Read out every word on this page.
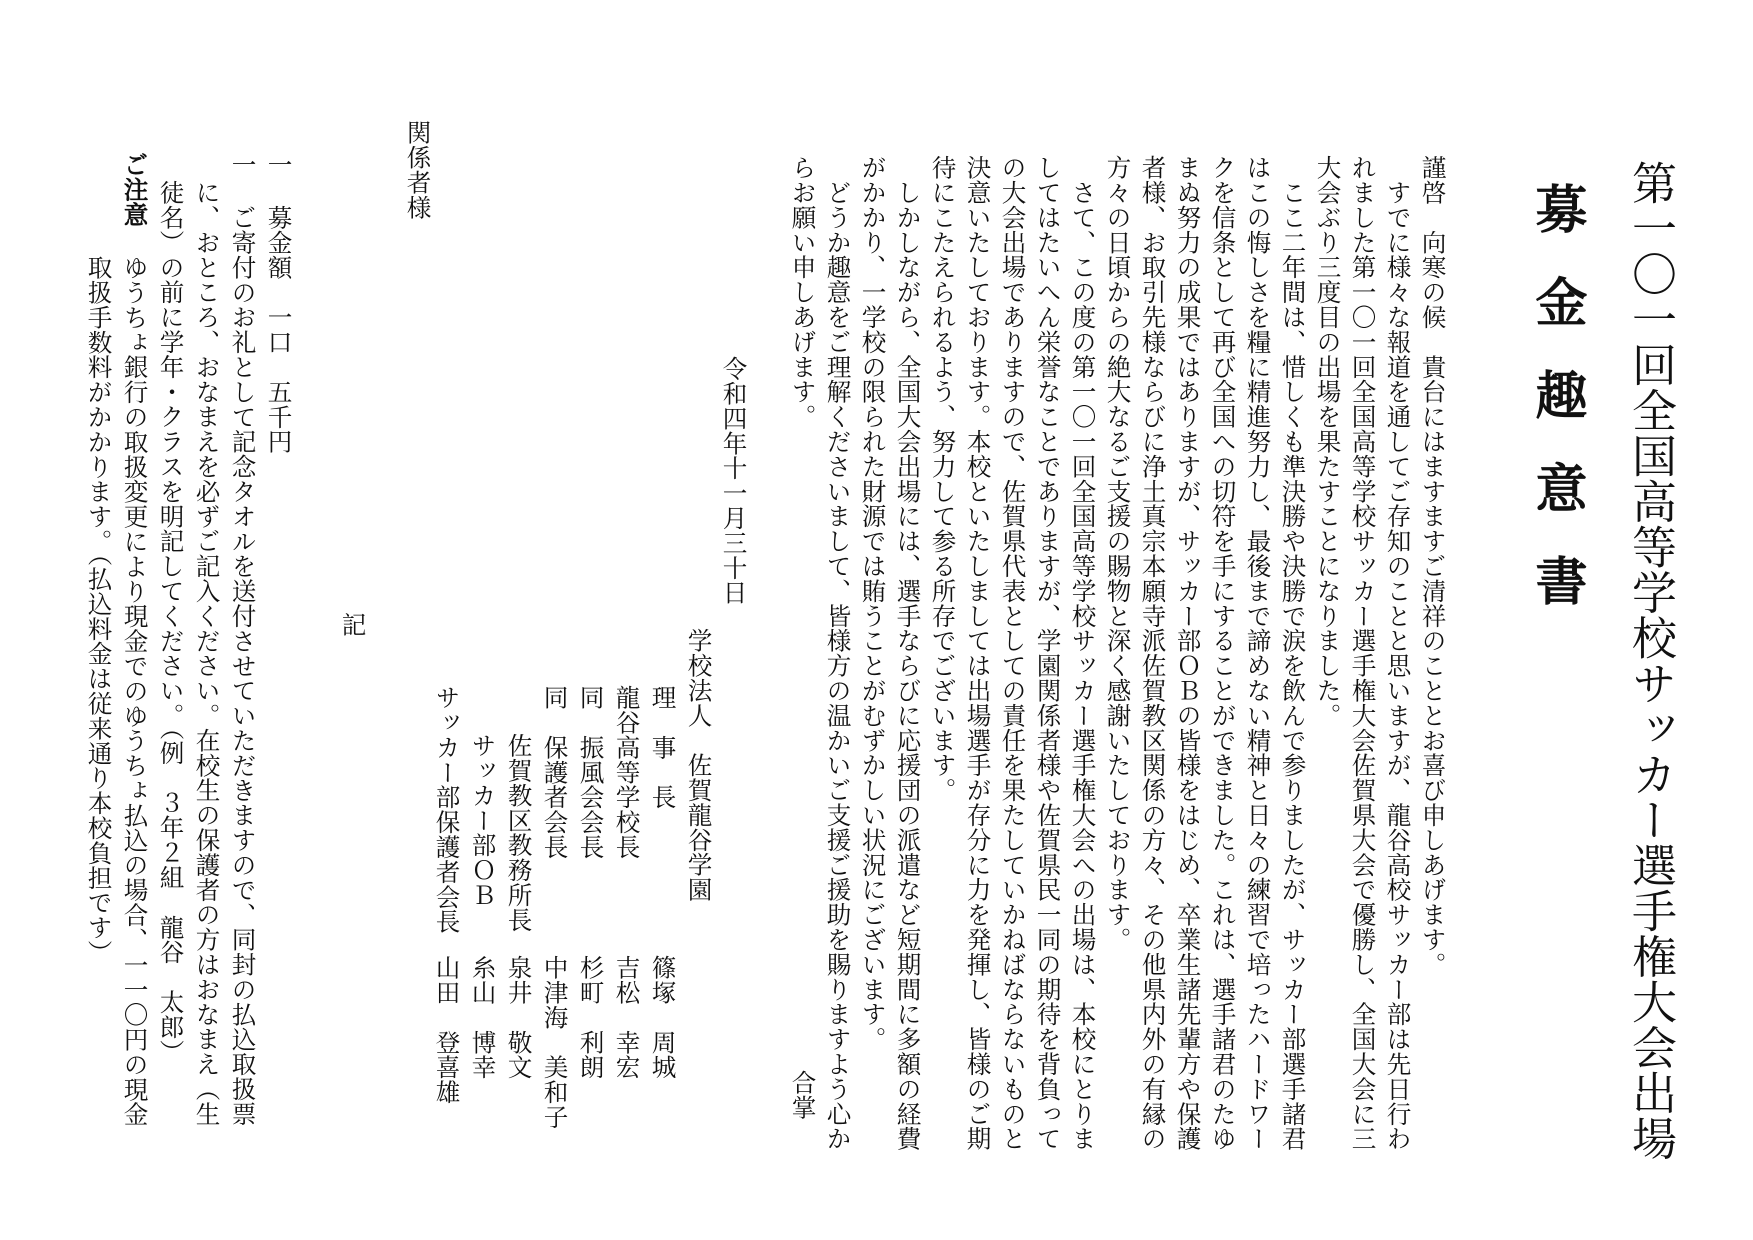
第一〇一回全国高等学校サッカー選手権大会出場
募金趣意書
謹啓　向寒の候　貴台にはますますご清祥のこととお喜び申しあげます。
　すでに様々な報道を通してご存知のことと思いますが、龍谷高校サッカー部は先日行わ
れました第一〇一回全国高等学校サッカー選手権大会佐賀県大会で優勝し、全国大会に三
大会ぶり三度目の出場を果たすことになりました。
　ここ二年間は、惜しくも準決勝や決勝で涙を飲んで参りましたが、サッカー部選手諸君
はこの悔しさを糧に精進努力し、最後まで諦めない精神と日々の練習で培ったハードワー
クを信条として再び全国への切符を手にすることができました。これは、選手諸君のたゆ
まぬ努力の成果ではありますが、サッカー部ＯＢの皆様をはじめ、卒業生諸先輩方や保護
者様、お取引先様ならびに浄土真宗本願寺派佐賀教区関係の方々、その他県内外の有縁の
方々の日頃からの絶大なるご支援の賜物と深く感謝いたしております。
　さて、この度の第一〇一回全国高等学校サッカー選手権大会への出場は、本校にとりま
してはたいへん栄誉なことでありますが、学園関係者様や佐賀県民一同の期待を背負って
の大会出場でありますので、佐賀県代表としての責任を果たしていかねばならないものと
決意いたしております。本校といたしましては出場選手が存分に力を発揮し、皆様のご期
待にこたえられるよう、努力して参る所存でございます。
　しかしながら、全国大会出場には、選手ならびに応援団の派遣など短期間に多額の経費
がかかり、一学校の限られた財源では賄うことがむずかしい状況にございます。
　どうか趣意をご理解くださいまして、皆様方の温かいご支援ご援助を賜りますよう心か
らお願い申しあげます。
合掌
令和四年十一月三十日
学校法人　佐賀龍谷学園
理　事　長
篠塚　周城
龍谷高等学校長
吉松　幸宏
同　振風会会長
杉町　利朗
同　保護者会長
中津海　美和子
佐賀教区教務所長
泉井　敬文
サッカー部ＯＢ
糸山　博幸
サッカー部保護者会長
山田　登喜雄
記
関係者様
一
募金額　一口　五千円
一
ご寄付のお礼として記念タオルを送付させていただきますので、同封の払込取扱票
に、おところ、おなまえを必ずご記入ください。在校生の保護者の方はおなまえ（生
徒名）の前に学年・クラスを明記してください。（例　３年２組　龍谷　太郎）
ご注意
ゆうちょ銀行の取扱変更により現金でのゆうちょ払込の場合、一一〇円の現金
取扱手数料がかかります。（払込料金は従来通り本校負担です）
